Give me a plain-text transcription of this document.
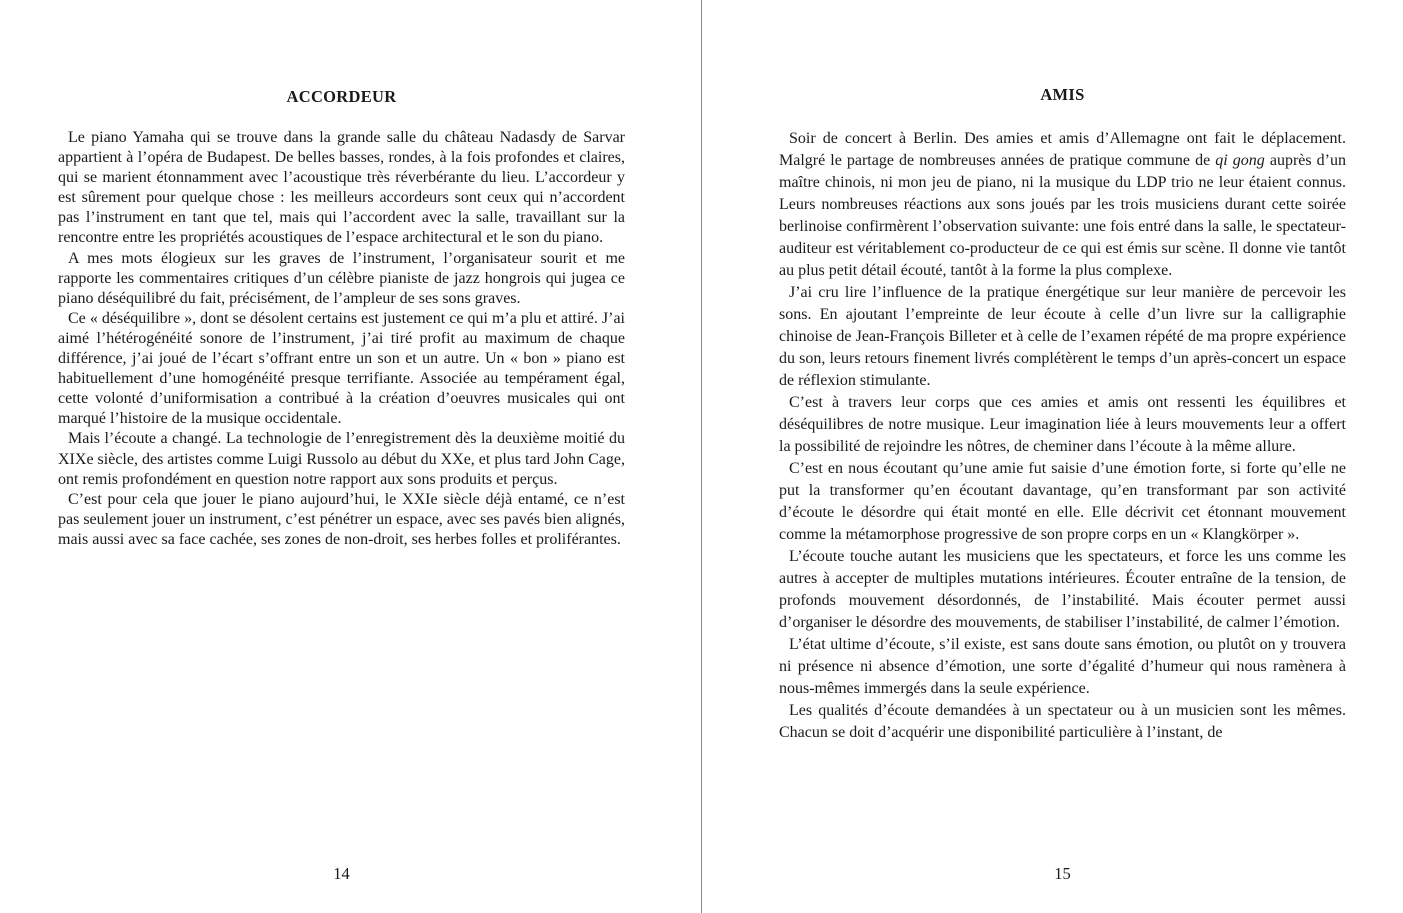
ACCORDEUR

Le piano Yamaha qui se trouve dans la grande salle du château Nadasdy de Sarvar appartient à l’opéra de Budapest. De belles basses, rondes, à la fois profondes et claires, qui se marient étonnamment avec l’acoustique très réverbérante du lieu. L’accordeur y est sûrement pour quelque chose : les meilleurs accordeurs sont ceux qui n’accordent pas l’instrument en tant que tel, mais qui l’accordent avec la salle, travaillant sur la rencontre entre les propriétés acoustiques de l’espace architectural et le son du piano.

A mes mots élogieux sur les graves de l’instrument, l’organisateur sourit et me rapporte les commentaires critiques d’un célèbre pianiste de jazz hongrois qui jugea ce piano déséquilibré du fait, précisément, de l’ampleur de ses sons graves.

Ce « déséquilibre », dont se désolent certains est justement ce qui m’a plu et attiré. J’ai aimé l’hétérogénéité sonore de l’instrument, j’ai tiré profit au maximum de chaque différence, j’ai joué de l’écart s’offrant entre un son et un autre. Un « bon » piano est habituellement d’une homogénéité presque terrifiante. Associée au tempérament égal, cette volonté d’uniformisation a contribué à la création d’oeuvres musicales qui ont marqué l’histoire de la musique occidentale.

Mais l’écoute a changé. La technologie de l’enregistrement dès la deuxième moitié du XIXe siècle, des artistes comme Luigi Russolo au début du XXe, et plus tard John Cage, ont remis profondément en question notre rapport aux sons produits et perçus.

C’est pour cela que jouer le piano aujourd’hui, le XXIe siècle déjà entamé, ce n’est pas seulement jouer un instrument, c’est pénétrer un espace, avec ses pavés bien alignés, mais aussi avec sa face cachée, ses zones de non-droit, ses herbes folles et proliférantes.

14
AMIS

Soir de concert à Berlin. Des amies et amis d’Allemagne ont fait le déplacement. Malgré le partage de nombreuses années de pratique commune de qi gong auprès d’un maître chinois, ni mon jeu de piano, ni la musique du LDP trio ne leur étaient connus. Leurs nombreuses réactions aux sons joués par les trois musiciens durant cette soirée berlinoise confirmèrent l’observation suivante: une fois entré dans la salle, le spectateur-auditeur est véritablement co-producteur de ce qui est émis sur scène. Il donne vie tantôt au plus petit détail écouté, tantôt à la forme la plus complexe.

J’ai cru lire l’influence de la pratique énergétique sur leur manière de percevoir les sons. En ajoutant l’empreinte de leur écoute à celle d’un livre sur la calligraphie chinoise de Jean-François Billeter et à celle de l’examen répété de ma propre expérience du son, leurs retours finement livrés complétèrent le temps d’un après-concert un espace de réflexion stimulante.

C’est à travers leur corps que ces amies et amis ont ressenti les équilibres et déséquilibres de notre musique. Leur imagination liée à leurs mouvements leur a offert la possibilité de rejoindre les nôtres, de cheminer dans l’écoute à la même allure.

C’est en nous écoutant qu’une amie fut saisie d’une émotion forte, si forte qu’elle ne put la transformer qu’en écoutant davantage, qu’en transformant par son activité d’écoute le désordre qui était monté en elle. Elle décrivit cet étonnant mouvement comme la métamorphose progressive de son propre corps en un « Klangkörper ».

L’écoute touche autant les musiciens que les spectateurs, et force les uns comme les autres à accepter de multiples mutations intérieures. Écouter entraîne de la tension, de profonds mouvement désordonnés, de l’instabilité. Mais écouter permet aussi d’organiser le désordre des mouvements, de stabiliser l’instabilité, de calmer l’émotion.

L’état ultime d’écoute, s’il existe, est sans doute sans émotion, ou plutôt on y trouvera ni présence ni absence d’émotion, une sorte d’égalité d’humeur qui nous ramènera à nous-mêmes immergés dans la seule expérience.

Les qualités d’écoute demandées à un spectateur ou à un musicien sont les mêmes. Chacun se doit d’acquérir une disponibilité particulière à l’instant, de

15
